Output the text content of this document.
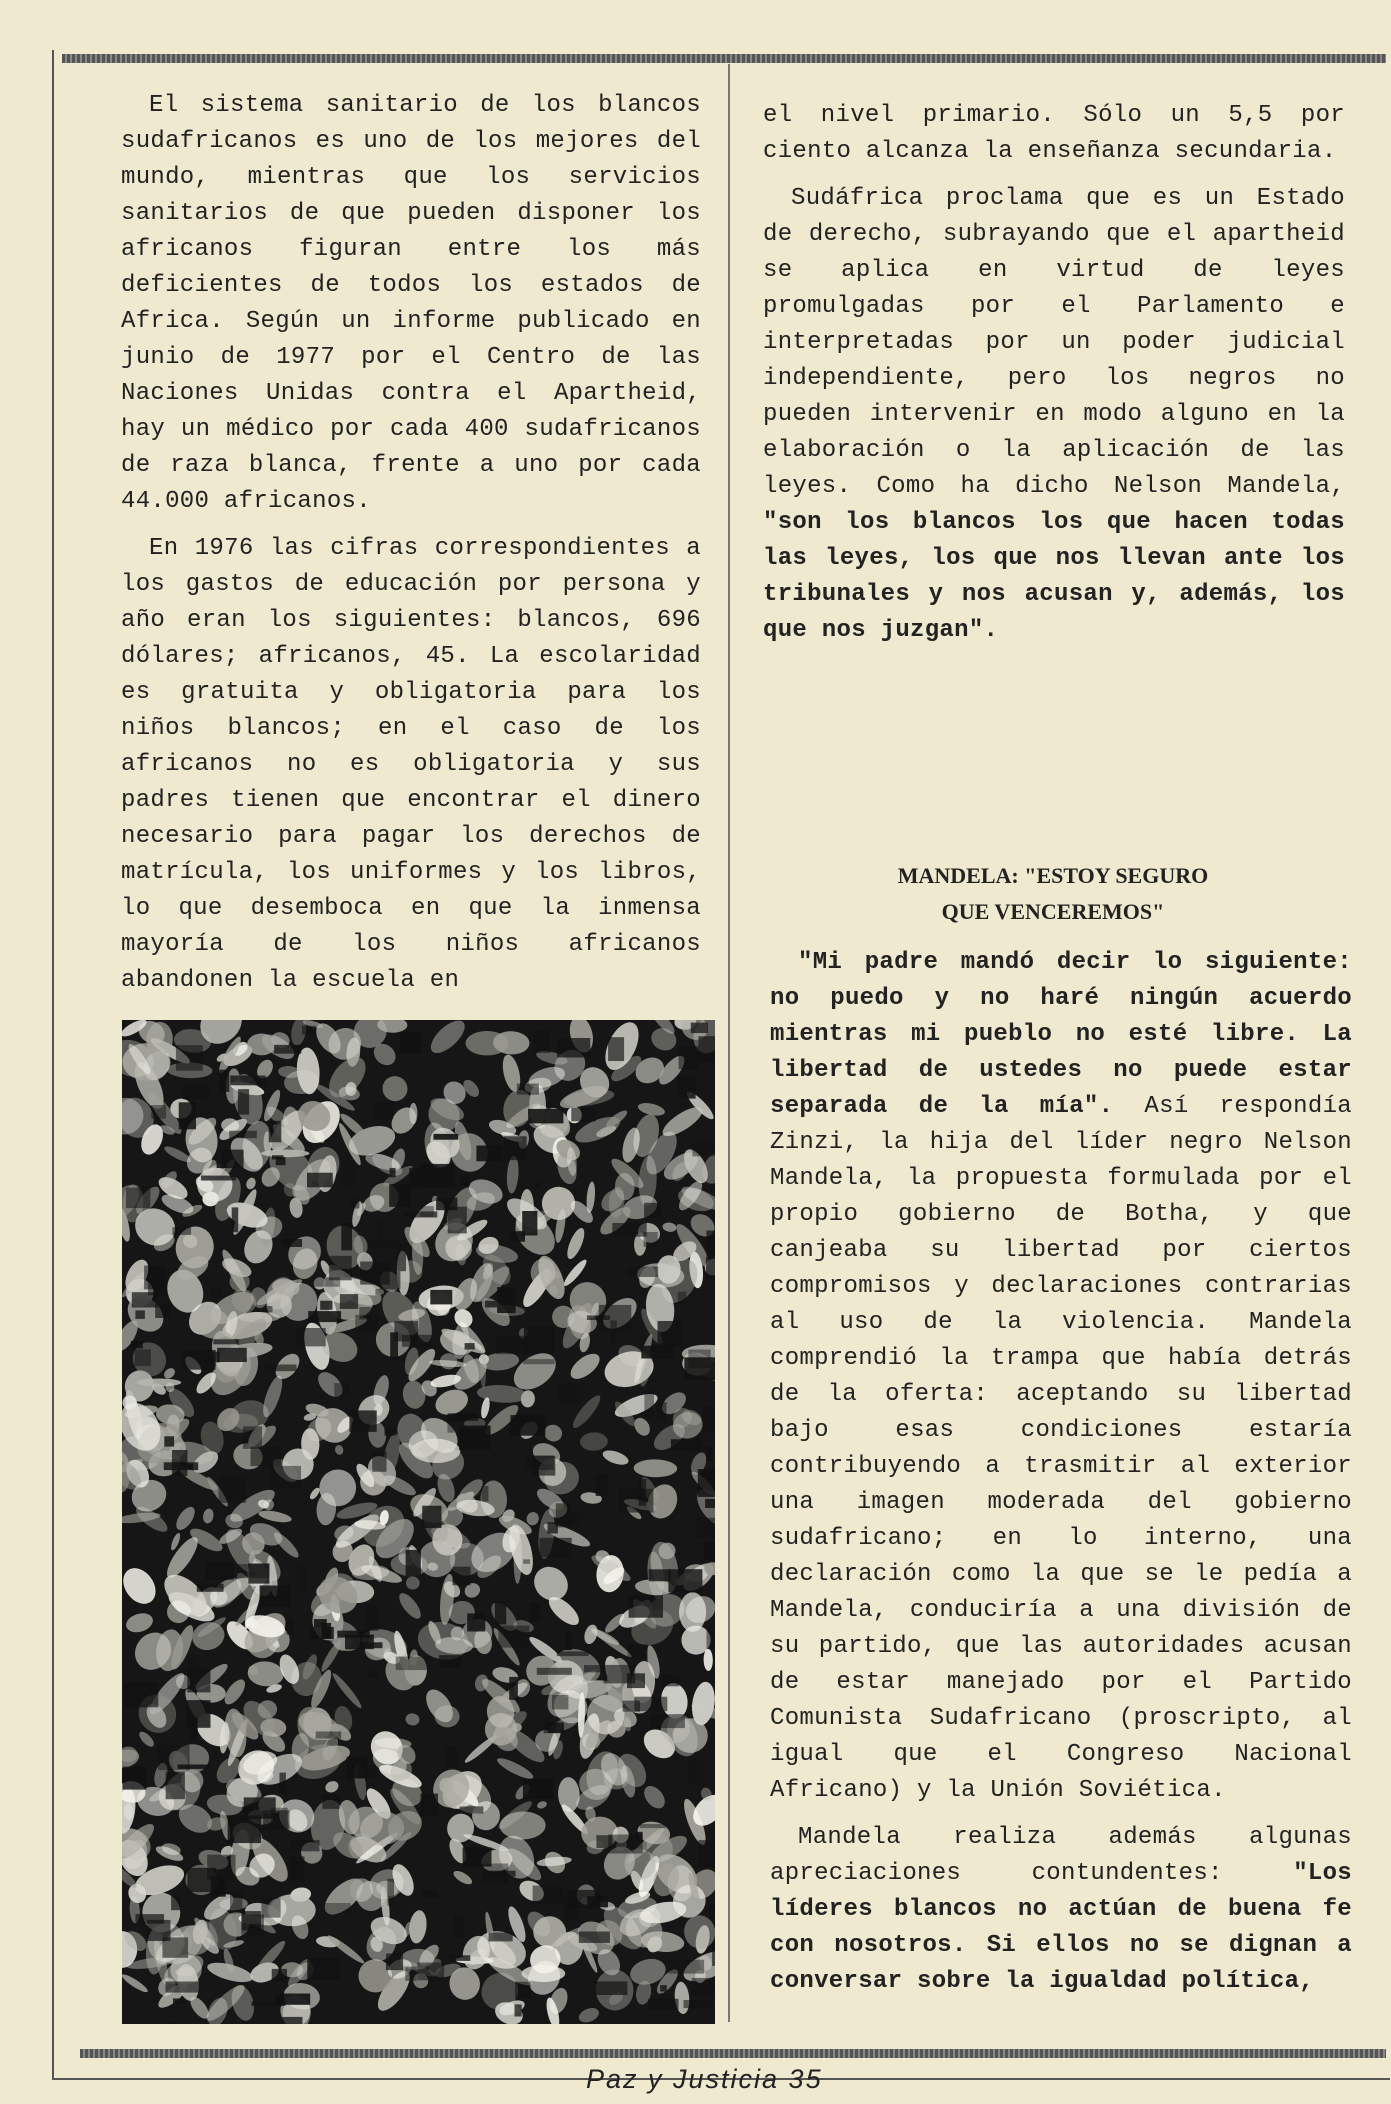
El sistema sanitario de los blancos sudafricanos es uno de los mejores del mundo, mientras que los servicios sanitarios de que pueden disponer los africanos figuran entre los más deficientes de todos los estados de Africa. Según un informe publicado en junio de 1977 por el Centro de las Naciones Unidas contra el Apartheid, hay un médico por cada 400 sudafricanos de raza blanca, frente a uno por cada 44.000 africanos.

En 1976 las cifras correspondientes a los gastos de educación por persona y año eran los siguientes: blancos, 696 dólares; africanos, 45. La escolaridad es gratuita y obligatoria para los niños blancos; en el caso de los africanos no es obligatoria y sus padres tienen que encontrar el dinero necesario para pagar los derechos de matrícula, los uniformes y los libros, lo que desemboca en que la inmensa mayoría de los niños africanos abandonen la escuela en

el nivel primario. Sólo un 5,5 por ciento alcanza la enseñanza secundaria.

Sudáfrica proclama que es un Estado de derecho, subrayando que el apartheid se aplica en virtud de leyes promulgadas por el Parlamento e interpretadas por un poder judicial independiente, pero los negros no pueden intervenir en modo alguno en la elaboración o la aplicación de las leyes. Como ha dicho Nelson Mandela, "son los blancos los que hacen todas las leyes, los que nos llevan ante los tribunales y nos acusan y, además, los que nos juzgan".

MANDELA: "ESTOY SEGURO
QUE VENCEREMOS"

"Mi padre mandó decir lo siguiente: no puedo y no haré ningún acuerdo mientras mi pueblo no esté libre. La libertad de ustedes no puede estar separada de la mía". Así respondía Zinzi, la hija del líder negro Nelson Mandela, la propuesta formulada por el propio gobierno de Botha, y que canjeaba su libertad por ciertos compromisos y declaraciones contrarias al uso de la violencia. Mandela comprendió la trampa que había detrás de la oferta: aceptando su libertad bajo esas condiciones estaría contribuyendo a trasmitir al exterior una imagen moderada del gobierno sudafricano; en lo interno, una declaración como la que se le pedía a Mandela, conduciría a una división de su partido, que las autoridades acusan de estar manejado por el Partido Comunista Sudafricano (proscripto, al igual que el Congreso Nacional Africano) y la Unión Soviética.

Mandela realiza además algunas apreciaciones contundentes: "Los líderes blancos no actúan de buena fe con nosotros. Si ellos no se dignan a conversar sobre la igualdad política,

Paz y Justicia 35
